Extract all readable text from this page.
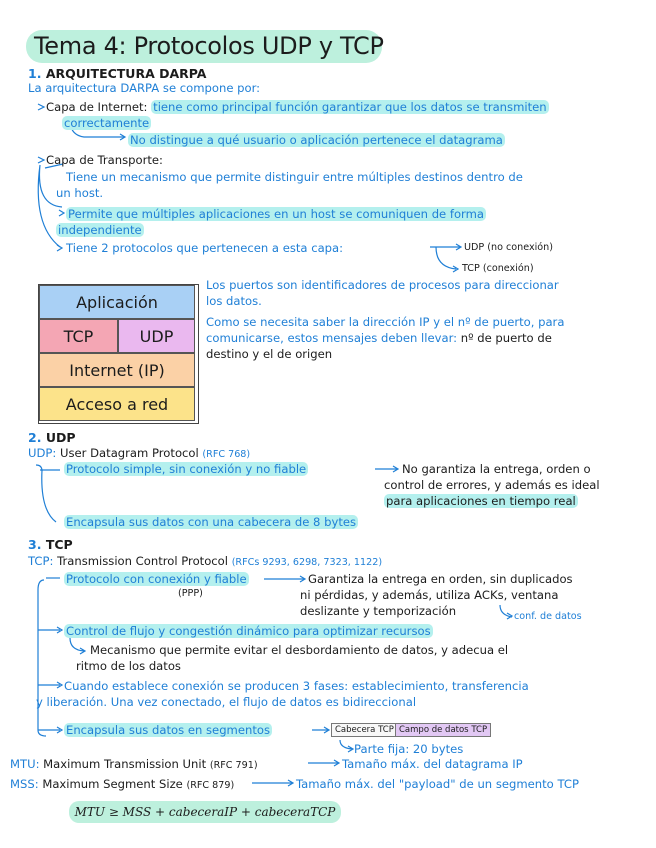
Tema 4: Protocolos UDP y TCP
1. ARQUITECTURA DARPA
La arquitectura DARPA se compone por:
Capa de Internet: tiene como principal función garantizar que los datos se transmiten
correctamente
No distingue a qué usuario o aplicación pertenece el datagrama
Capa de Transporte:
Tiene un mecanismo que permite distinguir entre múltiples destinos dentro de
un host.
Permite que múltiples aplicaciones en un host se comuniquen de forma
independiente
Tiene 2 protocolos que pertenecen a esta capa:	UDP (no conexión)
TCP (conexión)
Aplicación
TCP	UDP
Internet (IP)
Acceso a red
Los puertos son identificadores de procesos para direccionar
los datos.
Como se necesita saber la dirección IP y el nº de puerto, para
comunicarse, estos mensajes deben llevar: nº de puerto de
destino y el de origen
2. UDP
UDP: User Datagram Protocol (RFC 768)
Protocolo simple, sin conexión y no fiable	No garantiza la entrega, orden o
control de errores, y además es ideal
para aplicaciones en tiempo real
Encapsula sus datos con una cabecera de 8 bytes
3. TCP
TCP: Transmission Control Protocol (RFCs 9293, 6298, 7323, 1122)
Protocolo con conexión y fiable
(PPP)
Garantiza la entrega en orden, sin duplicados
ni pérdidas, y además, utiliza ACKs, ventana
deslizante y temporización	conf. de datos
Control de flujo y congestión dinámico para optimizar recursos
Mecanismo que permite evitar el desbordamiento de datos, y adecua el
ritmo de los datos
Cuando establece conexión se producen 3 fases: establecimiento, transferencia
y liberación. Una vez conectado, el flujo de datos es bidireccional
Encapsula sus datos en segmentos	Cabecera TCP Campo de datos TCP
Parte fija: 20 bytes
MTU: Maximum Transmission Unit (RFC 791)	Tamaño máx. del datagrama IP
MSS: Maximum Segment Size (RFC 879)	Tamaño máx. del "payload" de un segmento TCP
MTU ≥ MSS + cabeceraIP + cabeceraTCP
